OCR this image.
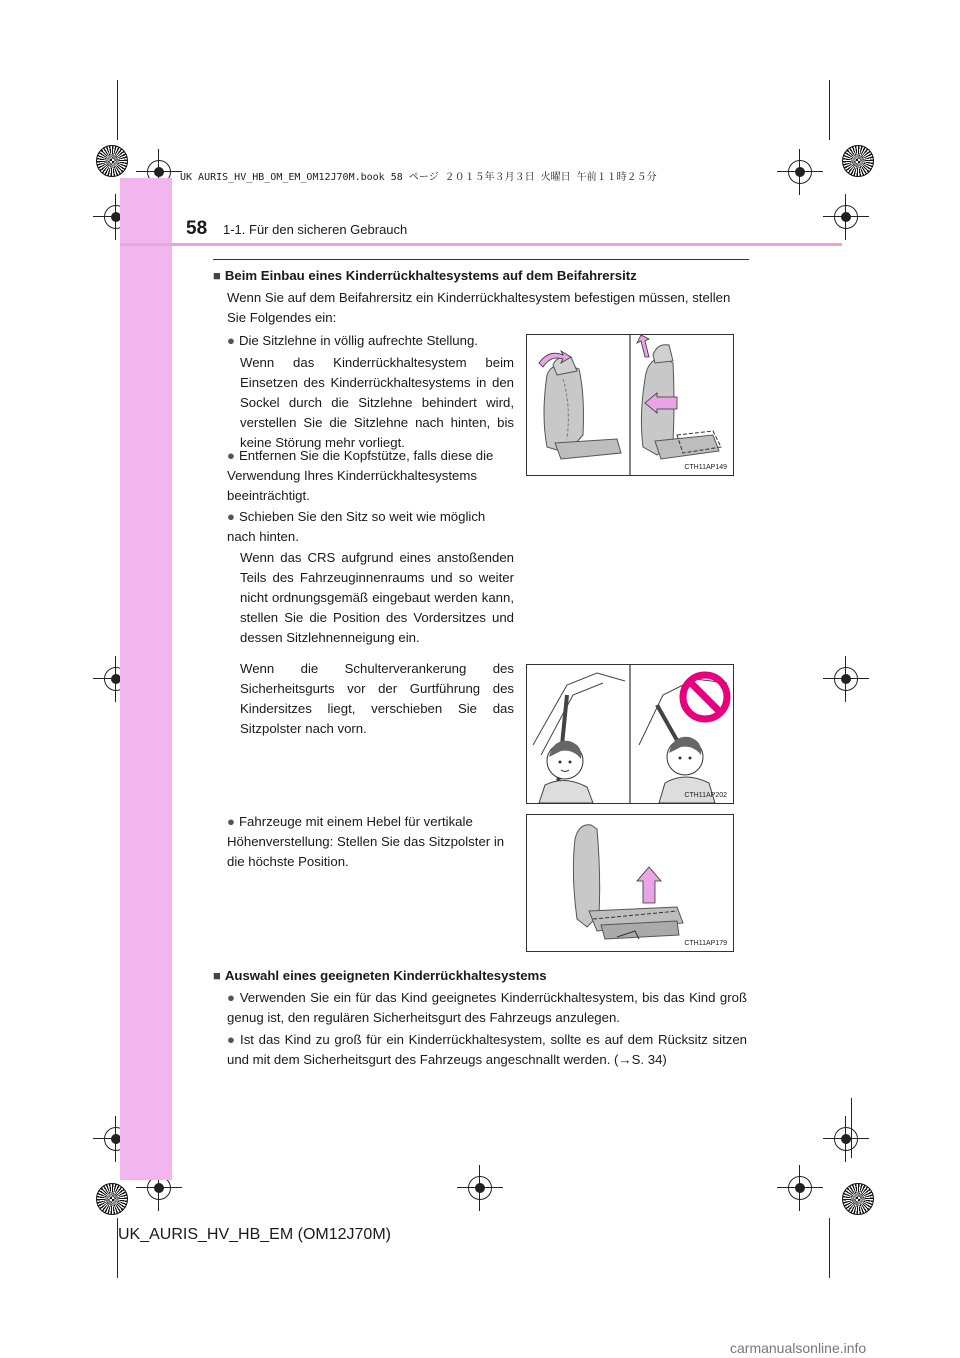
UK AURIS_HV_HB_OM_EM_OM12J70M.book 58 ページ ２０１５年３月３日 火曜日 午前１１時２５分
58 1-1. Für den sicheren Gebrauch
■ Beim Einbau eines Kinderrückhaltesystems auf dem Beifahrersitz
Wenn Sie auf dem Beifahrersitz ein Kinderrückhaltesystem befestigen müssen, stellen Sie Folgendes ein:
● Die Sitzlehne in völlig aufrechte Stellung.
Wenn das Kinderrückhaltesystem beim Einsetzen des Kinderrückhaltesystems in den Sockel durch die Sitzlehne behindert wird, verstellen Sie die Sitzlehne nach hinten, bis keine Störung mehr vorliegt.
● Entfernen Sie die Kopfstütze, falls diese die Verwendung Ihres Kinderrückhaltesystems beeinträchtigt.
● Schieben Sie den Sitz so weit wie möglich nach hinten.
Wenn das CRS aufgrund eines anstoßenden Teils des Fahrzeuginnenraums und so weiter nicht ordnungsgemäß eingebaut werden kann, stellen Sie die Position des Vordersitzes und dessen Sitzlehnenneigung ein.
Wenn die Schulterverankerung des Sicherheitsgurts vor der Gurtführung des Kindersitzes liegt, verschieben Sie das Sitzpolster nach vorn.
● Fahrzeuge mit einem Hebel für vertikale Höhenverstellung: Stellen Sie das Sitzpolster in die höchste Position.
CTH11AP149
CTH11AP202
CTH11AP179
■ Auswahl eines geeigneten Kinderrückhaltesystems
● Verwenden Sie ein für das Kind geeignetes Kinderrückhaltesystem, bis das Kind groß genug ist, den regulären Sicherheitsgurt des Fahrzeugs anzulegen.
● Ist das Kind zu groß für ein Kinderrückhaltesystem, sollte es auf dem Rücksitz sitzen und mit dem Sicherheitsgurt des Fahrzeugs angeschnallt werden. (→S. 34)
UK_AURIS_HV_HB_EM (OM12J70M)
carmanualsonline.info
